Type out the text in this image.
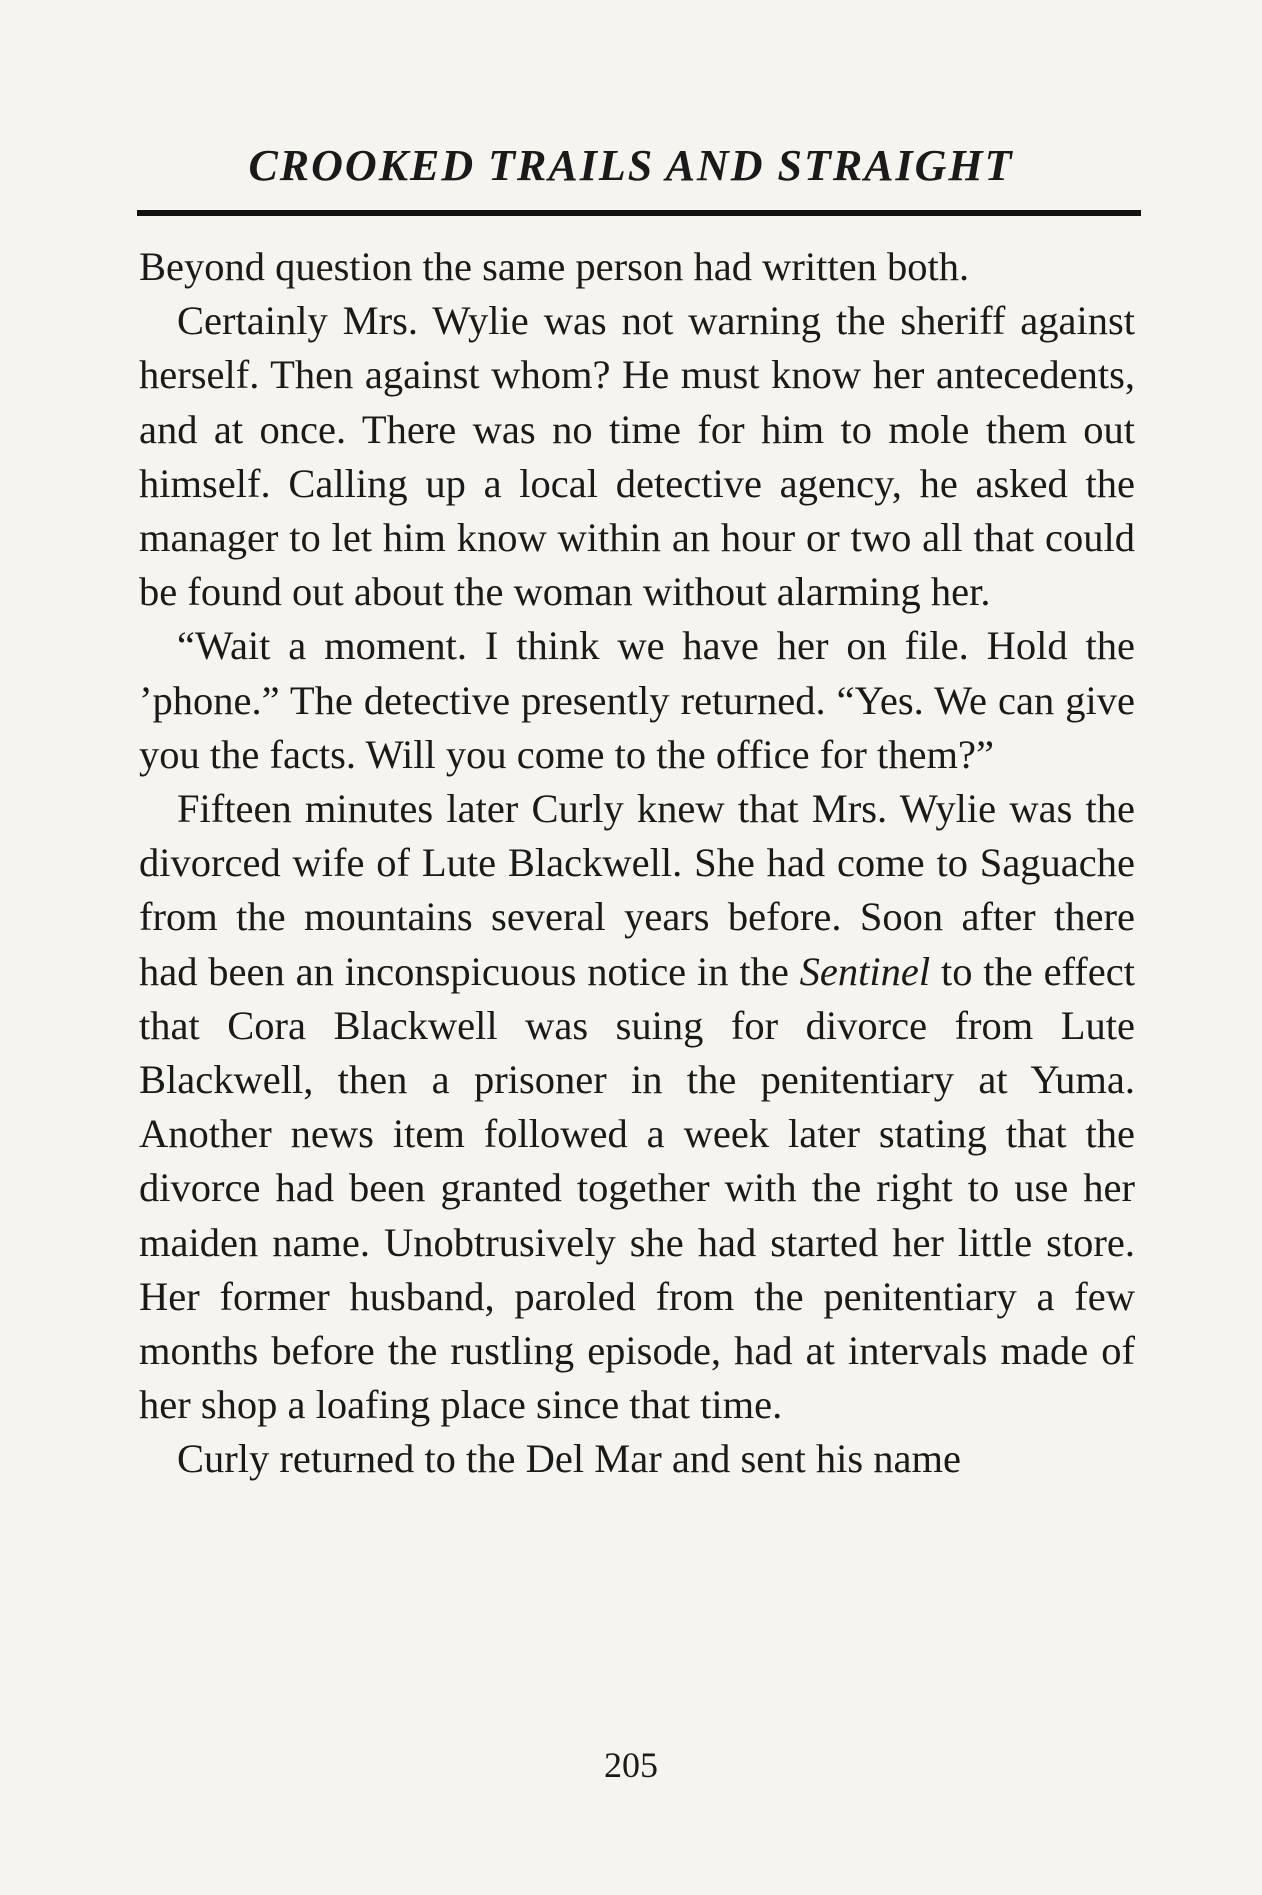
CROOKED TRAILS AND STRAIGHT

Beyond question the same person had written both.

Certainly Mrs. Wylie was not warning the sheriff against herself. Then against whom? He must know her antecedents, and at once. There was no time for him to mole them out himself. Calling up a local detective agency, he asked the manager to let him know within an hour or two all that could be found out about the woman without alarming her.

“Wait a moment. I think we have her on file. Hold the ’phone.” The detective presently returned. “Yes. We can give you the facts. Will you come to the office for them?”

Fifteen minutes later Curly knew that Mrs. Wylie was the divorced wife of Lute Blackwell. She had come to Saguache from the mountains several years before. Soon after there had been an inconspicuous notice in the Sentinel to the effect that Cora Blackwell was suing for divorce from Lute Blackwell, then a prisoner in the penitentiary at Yuma. Another news item followed a week later stating that the divorce had been granted together with the right to use her maiden name. Unobtrusively she had started her little store. Her former husband, paroled from the penitentiary a few months before the rustling episode, had at intervals made of her shop a loafing place since that time.

Curly returned to the Del Mar and sent his name

205
